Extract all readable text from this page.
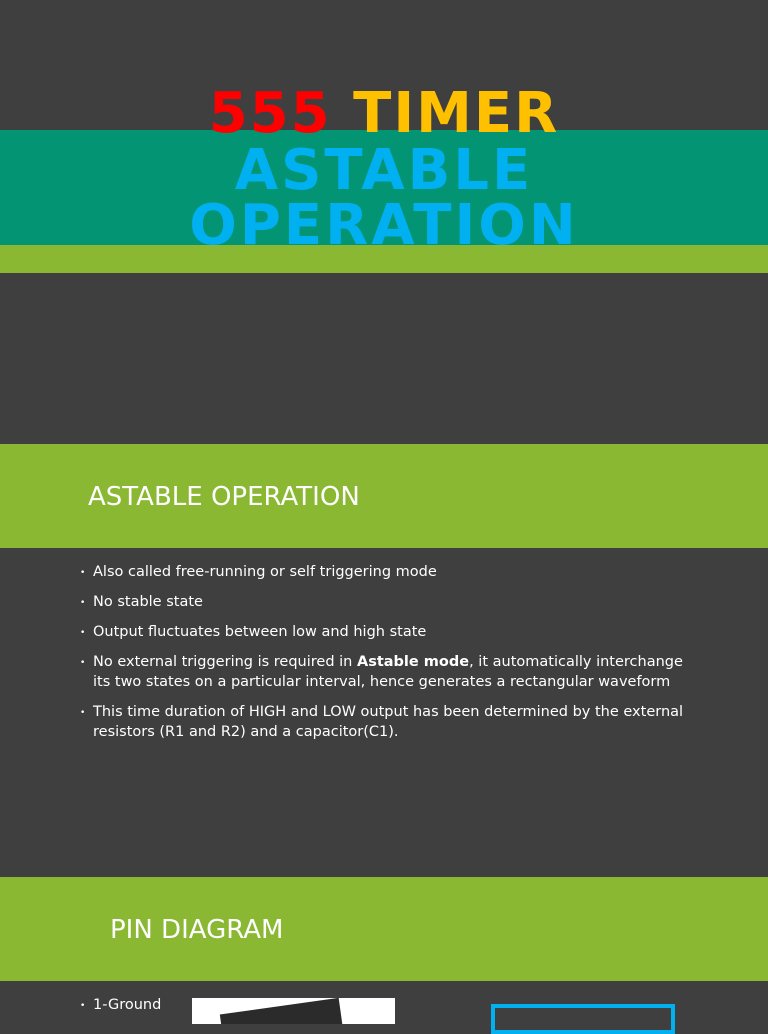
555 TIMER
ASTABLE
OPERATION
ASTABLE OPERATION
• Also called free-running or self triggering mode
• No stable state
• Output fluctuates between low and high state
• No external triggering is required in Astable mode, it automatically interchange its two states on a particular interval, hence generates a rectangular waveform
• This time duration of HIGH and LOW output has been determined by the external resistors (R1 and R2) and a capacitor(C1).
PIN DIAGRAM
• 1-Ground
